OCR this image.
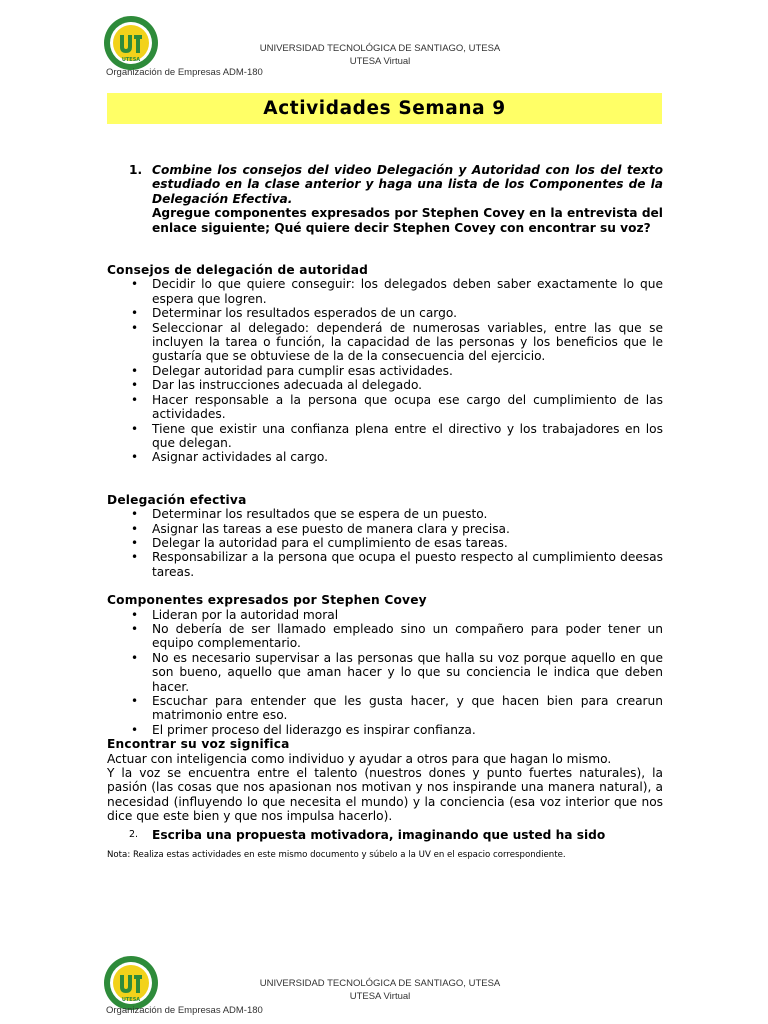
UTESA
UNIVERSIDAD TECNOLÓGICA DE SANTIAGO, UTESA
UTESA Virtual
Organización de Empresas ADM-180
Actividades Semana 9
1. Combine los consejos del video Delegación y Autoridad con los del texto estudiado en la clase anterior y haga una lista de los Componentes de la Delegación Efectiva.

Agregue componentes expresados por Stephen Covey en la entrevista del enlace siguiente; Qué quiere decir Stephen Covey con encontrar su voz?

Consejos de delegación de autoridad
• Decidir lo que quiere conseguir: los delegados deben saber exactamente lo que espera que logren.
• Determinar los resultados esperados de un cargo.
• Seleccionar al delegado: dependerá de numerosas variables, entre las que se incluyen la tarea o función, la capacidad de las personas y los beneficios que le gustaría que se obtuviese de la de la consecuencia del ejercicio.
• Delegar autoridad para cumplir esas actividades.
• Dar las instrucciones adecuada al delegado.
• Hacer responsable a la persona que ocupa ese cargo del cumplimiento de las actividades.
• Tiene que existir una confianza plena entre el directivo y los trabajadores en los que delegan.
• Asignar actividades al cargo.
Delegación efectiva
• Determinar los resultados que se espera de un puesto.
• Asignar las tareas a ese puesto de manera clara y precisa.
• Delegar la autoridad para el cumplimiento de esas tareas.
• Responsabilizar a la persona que ocupa el puesto respecto al cumplimiento deesas tareas.
Componentes expresados por Stephen Covey
• Lideran por la autoridad moral
• No debería de ser llamado empleado sino un compañero para poder tener un equipo complementario.
• No es necesario supervisar a las personas que halla su voz porque aquello en que son bueno, aquello que aman hacer y lo que su conciencia le indica que deben hacer.
• Escuchar para entender que les gusta hacer, y que hacen bien para crearun matrimonio entre eso.
• El primer proceso del liderazgo es inspirar confianza.
Encontrar su voz significa

Actuar con inteligencia como individuo y ayudar a otros para que hagan lo mismo.

Y la voz se encuentra entre el talento (nuestros dones y punto fuertes naturales), la pasión (las cosas que nos apasionan nos motivan y nos inspirande una manera natural), a necesidad (influyendo lo que necesita el mundo) y la conciencia (esa voz interior que nos dice que este bien y que nos impulsa hacerlo).

2.	Escriba una propuesta motivadora, imaginando que usted ha sido
Nota: Realiza estas actividades en este mismo documento y súbelo a la UV en el espacio correspondiente.
UTESA
UNIVERSIDAD TECNOLÓGICA DE SANTIAGO, UTESA
UTESA Virtual
Organización de Empresas ADM-180
